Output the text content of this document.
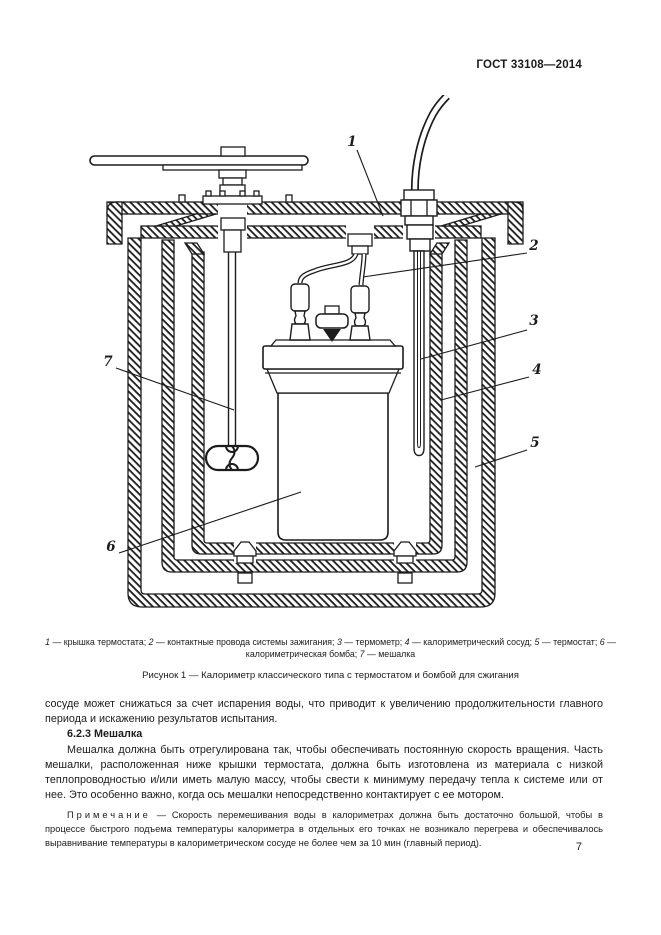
ГОСТ 33108—2014
1
2
3
4
5
6
7
1 — крышка термостата; 2 — контактные провода системы зажигания; 3 — термометр; 4 — калориметрический сосуд; 5 — термостат; 6 — калориметрическая бомба; 7 — мешалка
Рисунок 1 — Калориметр классического типа с термостатом и бомбой для сжигания

сосуде может снижаться за счет испарения воды, что приводит к увеличению продолжительности главного периода и искажению результатов испытания.

6.2.3 Мешалка

Мешалка должна быть отрегулирована так, чтобы обеспечивать постоянную скорость вращения. Часть мешалки, расположенная ниже крышки термостата, должна быть изготовлена из материала с низкой теплопроводностью и/или иметь малую массу, чтобы свести к минимуму передачу тепла к системе или от нее. Это особенно важно, когда ось мешалки непосредственно контактирует с ее мотором.

Примечание — Скорость перемешивания воды в калориметрах должна быть достаточно большой, чтобы в процессе быстрого подъема температуры калориметра в отдельных его точках не возникало перегрева и обеспечивалось выравнивание температуры в калориметрическом сосуде не более чем за 10 мин (главный период).	7
